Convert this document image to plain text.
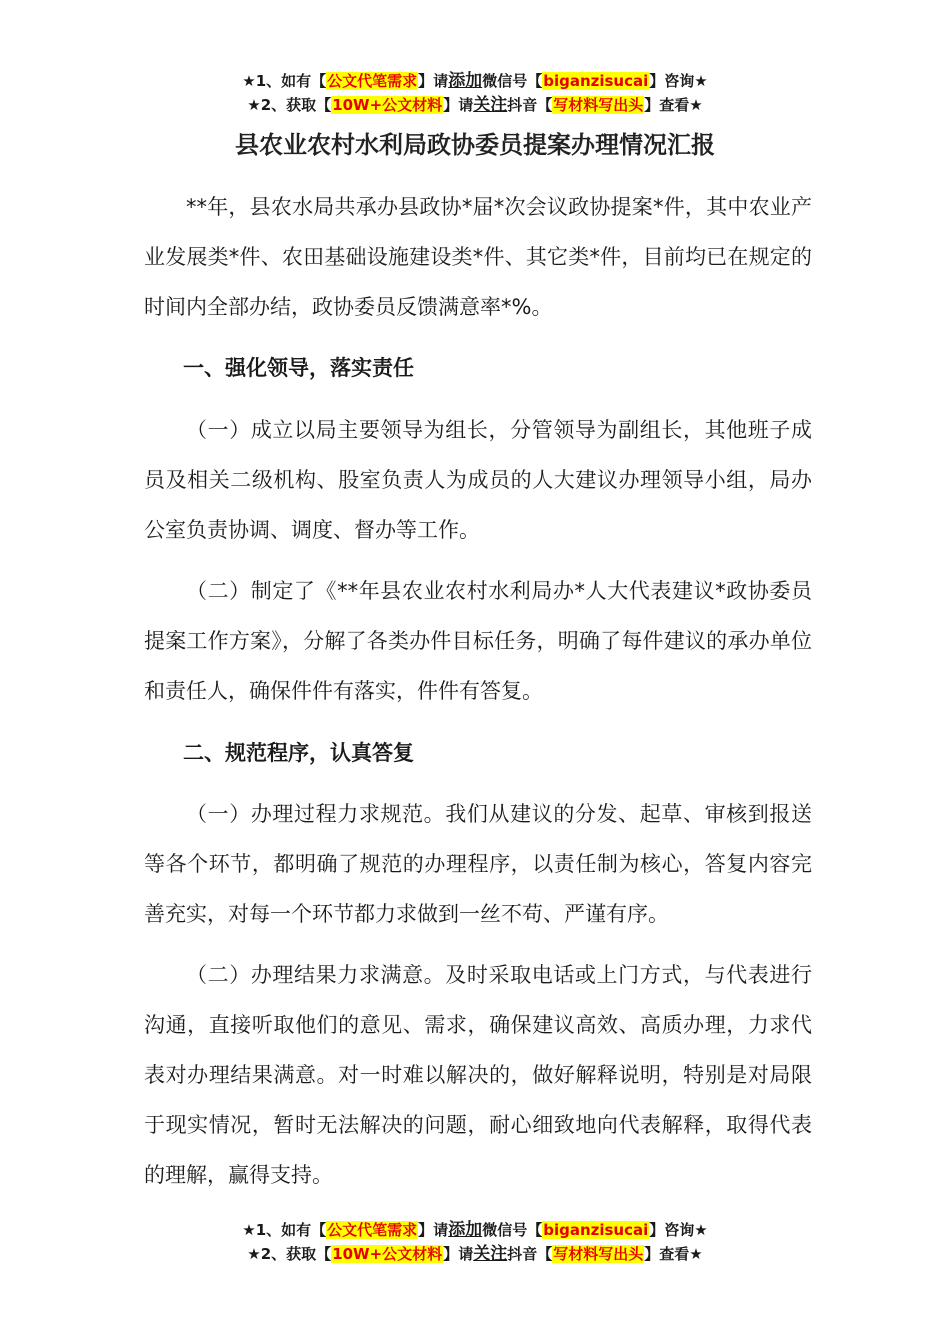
★1、如有【公文代笔需求】请添加微信号【biganzisucai】咨询★
★2、获取【10W+公文材料】请关注抖音【写材料写出头】查看★
县农业农村水利局政协委员提案办理情况汇报

**年，县农水局共承办县政协*届*次会议政协提案*件，其中农业产业发展类*件、农田基础设施建设类*件、其它类*件，目前均已在规定的时间内全部办结，政协委员反馈满意率*%。

一、强化领导，落实责任

（一）成立以局主要领导为组长，分管领导为副组长，其他班子成员及相关二级机构、股室负责人为成员的人大建议办理领导小组，局办公室负责协调、调度、督办等工作。

（二）制定了《**年县农业农村水利局办*人大代表建议*政协委员提案工作方案》，分解了各类办件目标任务，明确了每件建议的承办单位和责任人，确保件件有落实，件件有答复。

二、规范程序，认真答复

（一）办理过程力求规范。我们从建议的分发、起草、审核到报送等各个环节，都明确了规范的办理程序，以责任制为核心，答复内容完善充实，对每一个环节都力求做到一丝不苟、严谨有序。

（二）办理结果力求满意。及时采取电话或上门方式，与代表进行沟通，直接听取他们的意见、需求，确保建议高效、高质办理，力求代表对办理结果满意。对一时难以解决的，做好解释说明，特别是对局限于现实情况，暂时无法解决的问题，耐心细致地向代表解释，取得代表的理解，赢得支持。

★1、如有【公文代笔需求】请添加微信号【biganzisucai】咨询★
★2、获取【10W+公文材料】请关注抖音【写材料写出头】查看★
